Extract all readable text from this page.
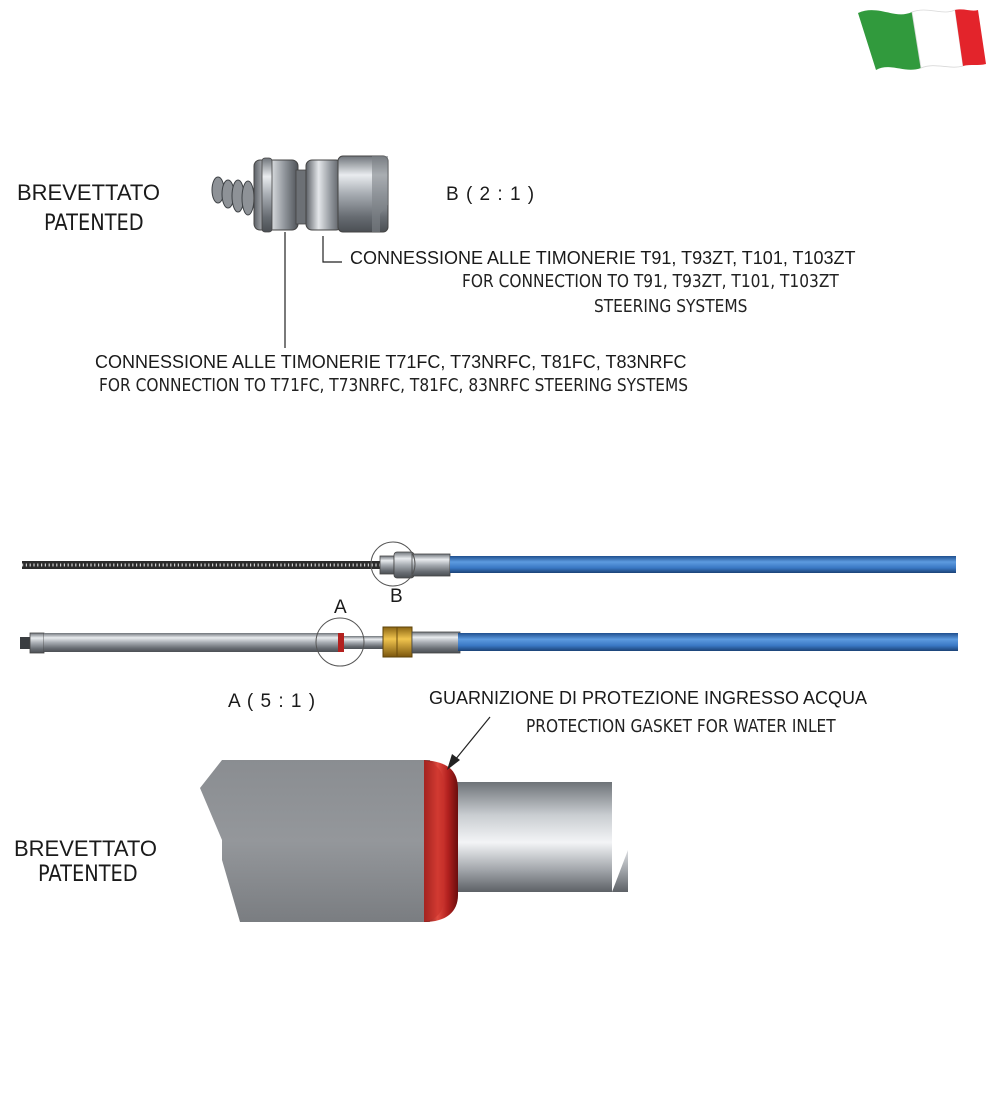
BREVETTATO
PATENTED
B ( 2 : 1 )
CONNESSIONE ALLE TIMONERIE T91, T93ZT, T101, T103ZT
FOR CONNECTION TO T91, T93ZT, T101, T103ZT
STEERING SYSTEMS
CONNESSIONE ALLE TIMONERIE T71FC, T73NRFC, T81FC, T83NRFC
FOR CONNECTION TO T71FC, T73NRFC, T81FC, 83NRFC STEERING SYSTEMS
A
B
A ( 5 : 1 )	GUARNIZIONE DI PROTEZIONE INGRESSO ACQUA
PROTECTION GASKET FOR WATER INLET
BREVETTATO
PATENTED
